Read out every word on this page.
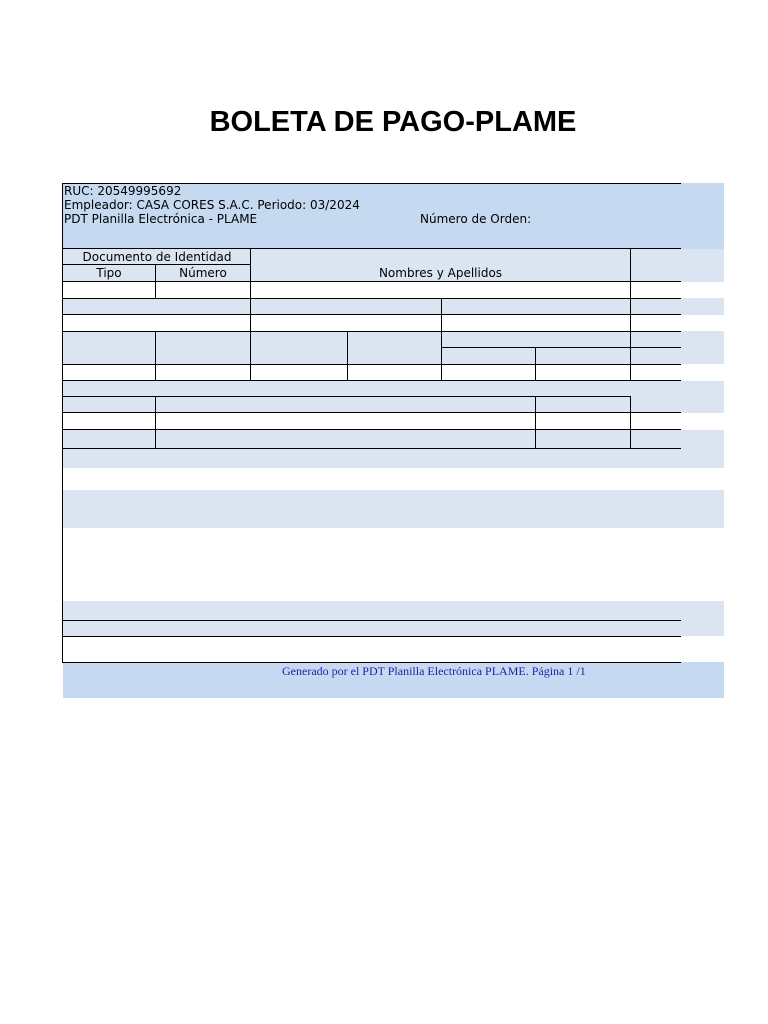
BOLETA DE PAGO-PLAME
RUC: 20549995692
Empleador: CASA CORES S.A.C. Periodo: 03/2024
PDT Planilla Electrónica - PLAME	Número de Orden:
Documento de Identidad
Tipo	Número	Nombres y Apellidos
Generado por el PDT Planilla Electrónica PLAME. Página 1 /1
